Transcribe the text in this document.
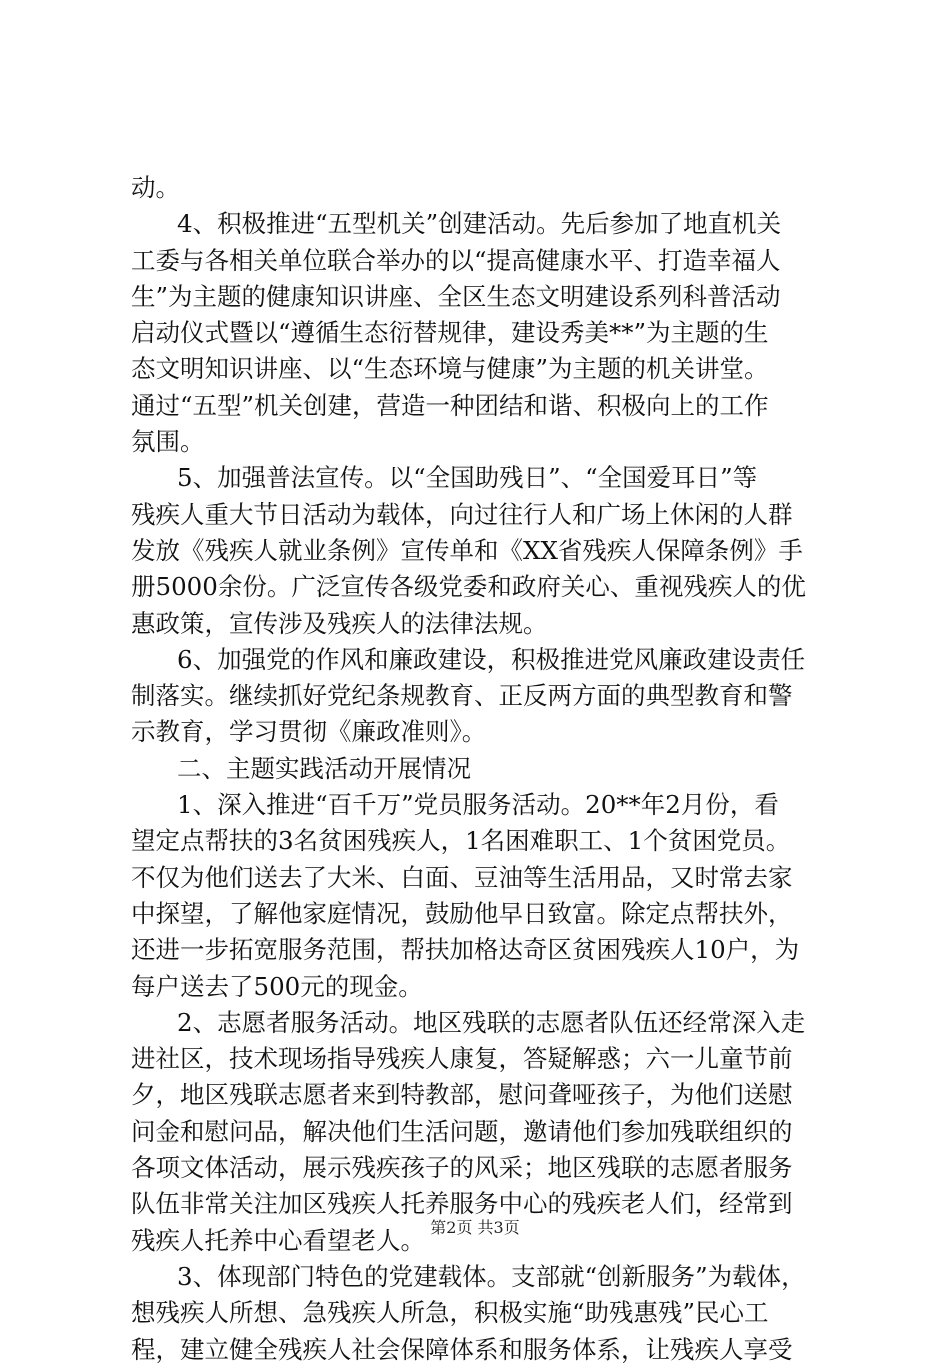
动。
4、积极推进“五型机关”创建活动。先后参加了地直机关
工委与各相关单位联合举办的以“提高健康水平、打造幸福人
生”为主题的健康知识讲座、全区生态文明建设系列科普活动
启动仪式暨以“遵循生态衍替规律，建设秀美**”为主题的生
态文明知识讲座、以“生态环境与健康”为主题的机关讲堂。
通过“五型”机关创建，营造一种团结和谐、积极向上的工作
氛围。
5、加强普法宣传。以“全国助残日”、“全国爱耳日”等
残疾人重大节日活动为载体，向过往行人和广场上休闲的人群
发放《残疾人就业条例》宣传单和《XX省残疾人保障条例》手
册5000余份。广泛宣传各级党委和政府关心、重视残疾人的优
惠政策，宣传涉及残疾人的法律法规。
6、加强党的作风和廉政建设，积极推进党风廉政建设责任
制落实。继续抓好党纪条规教育、正反两方面的典型教育和警
示教育，学习贯彻《廉政准则》。
二、主题实践活动开展情况
1、深入推进“百千万”党员服务活动。20**年2月份，看
望定点帮扶的3名贫困残疾人，1名困难职工、1个贫困党员。
不仅为他们送去了大米、白面、豆油等生活用品，又时常去家
中探望，了解他家庭情况，鼓励他早日致富。除定点帮扶外，
还进一步拓宽服务范围，帮扶加格达奇区贫困残疾人10户，为
每户送去了500元的现金。
2、志愿者服务活动。地区残联的志愿者队伍还经常深入走
进社区，技术现场指导残疾人康复，答疑解惑；六一儿童节前
夕，地区残联志愿者来到特教部，慰问聋哑孩子，为他们送慰
问金和慰问品，解决他们生活问题，邀请他们参加残联组织的
各项文体活动，展示残疾孩子的风采；地区残联的志愿者服务
队伍非常关注加区残疾人托养服务中心的残疾老人们，经常到
残疾人托养中心看望老人。
3、体现部门特色的党建载体。支部就“创新服务”为载体，
想残疾人所想、急残疾人所急，积极实施“助残惠残”民心工
程，建立健全残疾人社会保障体系和服务体系，让残疾人享受
第2页 共3页
